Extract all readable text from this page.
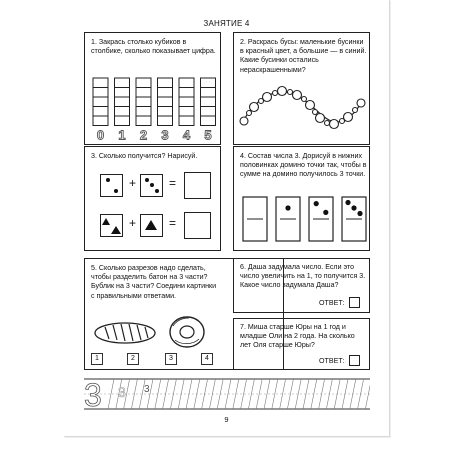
ЗАНЯТИЕ 4
1. Закрась столько кубиков в столбике, сколько показывает цифра.
0 1 2 3 4 5
2. Раскрась бусы: маленькие бусинки в красный цвет, а большие — в синий. Какие бусинки остались нераскрашенными?
3. Сколько получится? Нарисуй.
+	=
+	=
4. Состав числа 3. Дорисуй в нижних половинках домино точки так, чтобы в сумме на домино получилось 3 точки.
5. Сколько разрезов надо сделать, чтобы разделить батон на 3 части? Бублик на 3 части? Соедини картинки с правильными ответами.
1	2	3	4
3 3 3
9
6. Даша задумала число. Если это число увеличить на 1, то получится 3. Какое число задумала Даша?
ОТВЕТ:
7. Миша старше Юры на 1 год и младше Оли на 2 года. На сколько лет Оля старше Юры?
ОТВЕТ:
